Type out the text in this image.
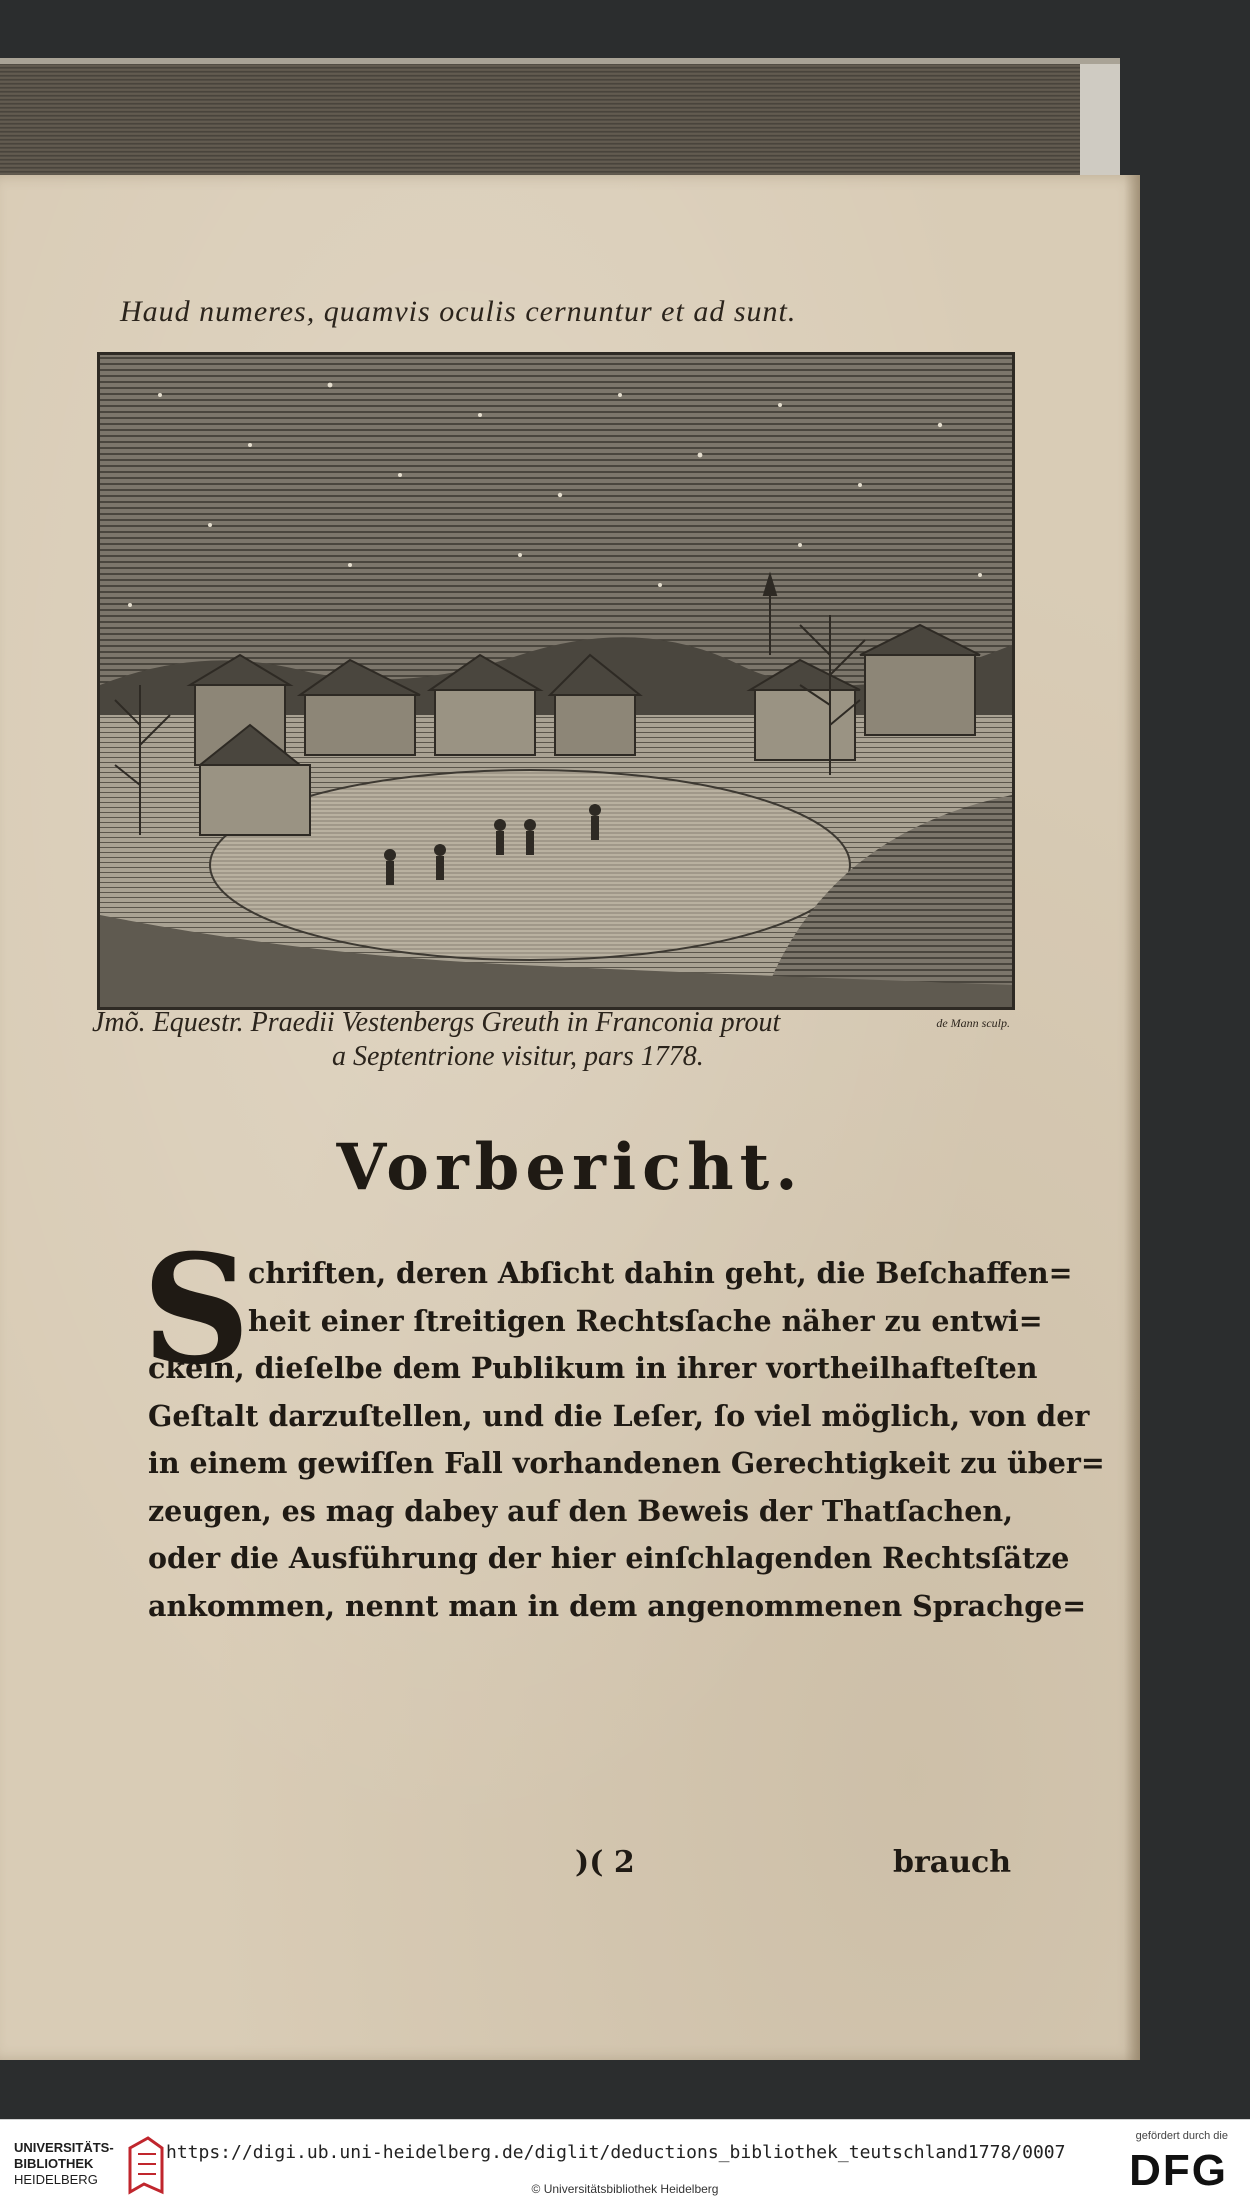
Haud numeres, quamvis oculis cernuntur et ad sunt.
de Mann sculp.
Jmõ. Equestr. Praedii Vestenbergs Greuth in Franconia prout
a Septentrione visitur, pars 1778.
Vorbericht.
S
chriften, deren Abſicht dahin geht, die Beſchaffen=
heit einer ſtreitigen Rechtsſache näher zu entwi=
ckeln, dieſelbe dem Publikum in ihrer vortheilhafteſten
Geſtalt darzuſtellen, und die Leſer, ſo viel möglich, von der
in einem gewiſſen Fall vorhandenen Gerechtigkeit zu über=
zeugen, es mag dabey auf den Beweis der Thatſachen,
oder die Ausführung der hier einſchlagenden Rechtsſätze
ankommen, nennt man in dem angenommenen Sprachge=
)( 2	brauch
UNIVERSITÄTS-
BIBLIOTHEK
HEIDELBERG
https://digi.ub.uni-heidelberg.de/diglit/deductions_bibliothek_teutschland1778/0007
© Universitätsbibliothek Heidelberg
gefördert durch die
DFG
